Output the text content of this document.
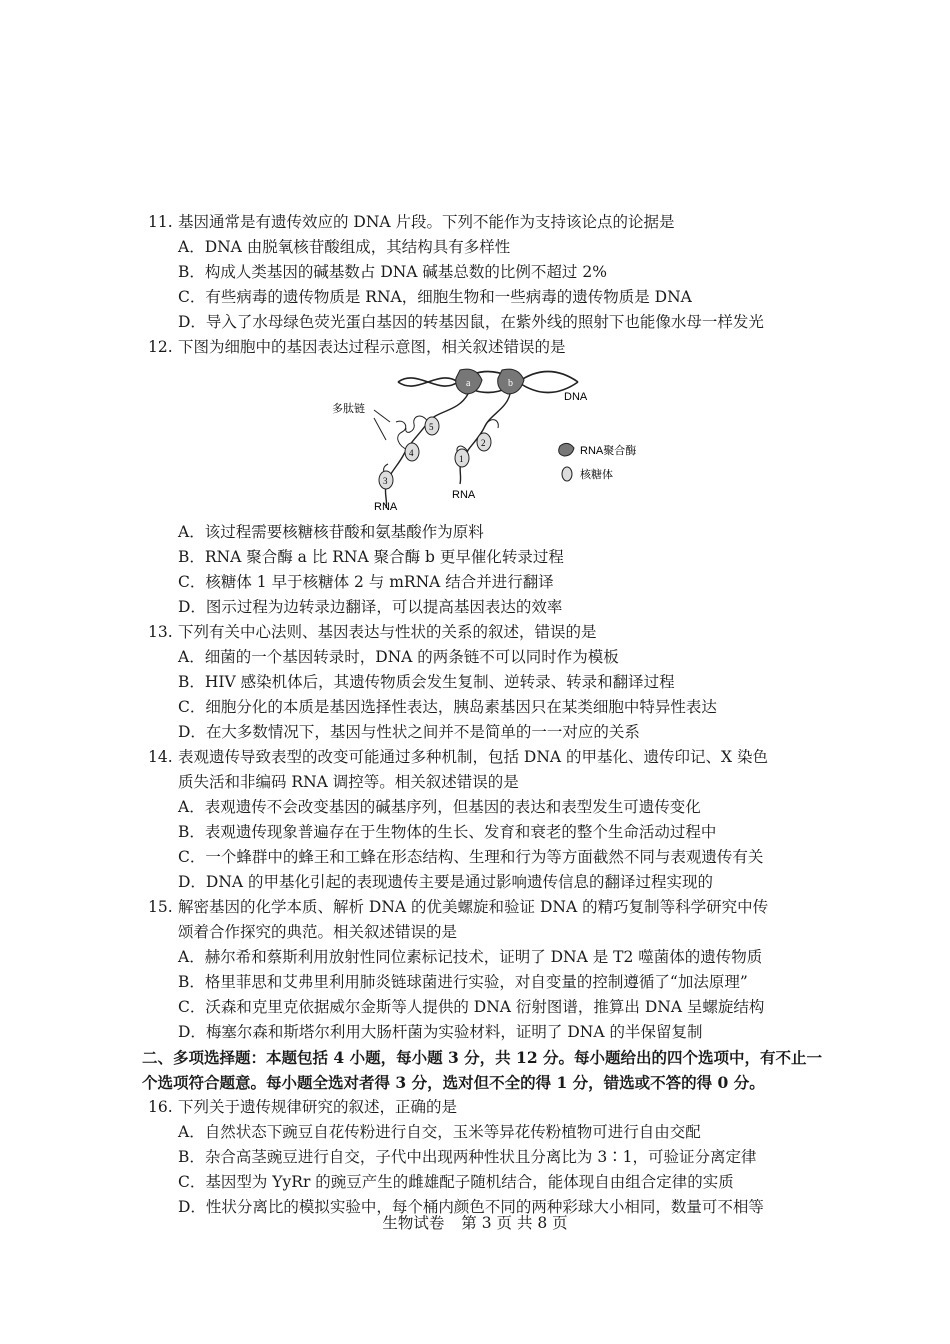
11. 基因通常是有遗传效应的 DNA 片段。下列不能作为支持该论点的论据是
A．DNA 由脱氧核苷酸组成，其结构具有多样性
B．构成人类基因的碱基数占 DNA 碱基总数的比例不超过 2%
C．有些病毒的遗传物质是 RNA，细胞生物和一些病毒的遗传物质是 DNA
D．导入了水母绿色荧光蛋白基因的转基因鼠，在紫外线的照射下也能像水母一样发光
12. 下图为细胞中的基因表达过程示意图，相关叙述错误的是
DNA
a	b
5
4
3
2
1
多肽链
RNA
RNA
RNA聚合酶
核糖体
A．该过程需要核糖核苷酸和氨基酸作为原料
B．RNA 聚合酶 a 比 RNA 聚合酶 b 更早催化转录过程
C．核糖体 1 早于核糖体 2 与 mRNA 结合并进行翻译
D．图示过程为边转录边翻译，可以提高基因表达的效率
13. 下列有关中心法则、基因表达与性状的关系的叙述，错误的是
A．细菌的一个基因转录时，DNA 的两条链不可以同时作为模板
B．HIV 感染机体后，其遗传物质会发生复制、逆转录、转录和翻译过程
C．细胞分化的本质是基因选择性表达，胰岛素基因只在某类细胞中特异性表达
D．在大多数情况下，基因与性状之间并不是简单的一一对应的关系
14. 表观遗传导致表型的改变可能通过多种机制，包括 DNA 的甲基化、遗传印记、X 染色
质失活和非编码 RNA 调控等。相关叙述错误的是
A．表观遗传不会改变基因的碱基序列，但基因的表达和表型发生可遗传变化
B．表观遗传现象普遍存在于生物体的生长、发育和衰老的整个生命活动过程中
C．一个蜂群中的蜂王和工蜂在形态结构、生理和行为等方面截然不同与表观遗传有关
D．DNA 的甲基化引起的表现遗传主要是通过影响遗传信息的翻译过程实现的
15. 解密基因的化学本质、解析 DNA 的优美螺旋和验证 DNA 的精巧复制等科学研究中传
颂着合作探究的典范。相关叙述错误的是
A．赫尔希和蔡斯利用放射性同位素标记技术，证明了 DNA 是 T2 噬菌体的遗传物质
B．格里菲思和艾弗里利用肺炎链球菌进行实验，对自变量的控制遵循了“加法原理”
C．沃森和克里克依据威尔金斯等人提供的 DNA 衍射图谱，推算出 DNA 呈螺旋结构
D．梅塞尔森和斯塔尔利用大肠杆菌为实验材料，证明了 DNA 的半保留复制
二、多项选择题：本题包括 4 小题，每小题 3 分，共 12 分。每小题给出的四个选项中，有不止一
个选项符合题意。每小题全选对者得 3 分，选对但不全的得 1 分，错选或不答的得 0 分。
16. 下列关于遗传规律研究的叙述，正确的是
A．自然状态下豌豆自花传粉进行自交，玉米等异花传粉植物可进行自由交配
B．杂合高茎豌豆进行自交，子代中出现两种性状且分离比为 3∶1，可验证分离定律
C．基因型为 YyRr 的豌豆产生的雌雄配子随机结合，能体现自由组合定律的实质
D．性状分离比的模拟实验中，每个桶内颜色不同的两种彩球大小相同，数量可不相等
生物试卷 第 3 页 共 8 页
